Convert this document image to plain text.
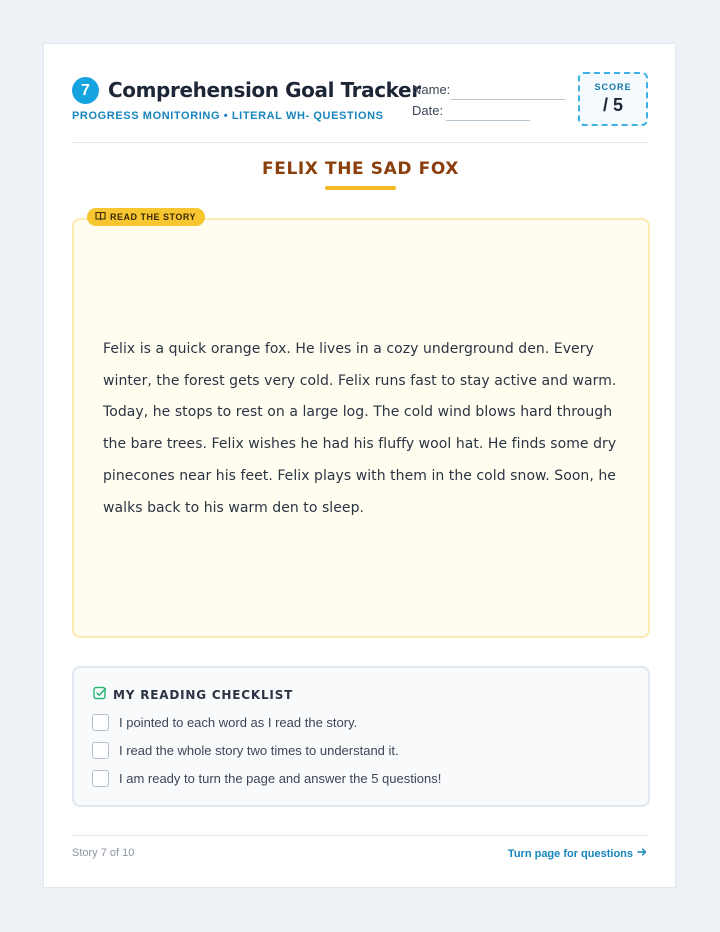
7 Comprehension Goal Tracker
PROGRESS MONITORING • LITERAL WH- QUESTIONS
Name:
Date:
SCORE
/ 5
FELIX THE SAD FOX

Felix is a quick orange fox. He lives in a cozy underground den. Every winter, the forest gets very cold. Felix runs fast to stay active and warm. Today, he stops to rest on a large log. The cold wind blows hard through the bare trees. Felix wishes he had his fluffy wool hat. He finds some dry pinecones near his feet. Felix plays with them in the cold snow. Soon, he walks back to his warm den to sleep.

READ THE STORY
MY READING CHECKLIST
I pointed to each word as I read the story.
I read the whole story two times to understand it.
I am ready to turn the page and answer the 5 questions!
Story 7 of 10	Turn page for questions
